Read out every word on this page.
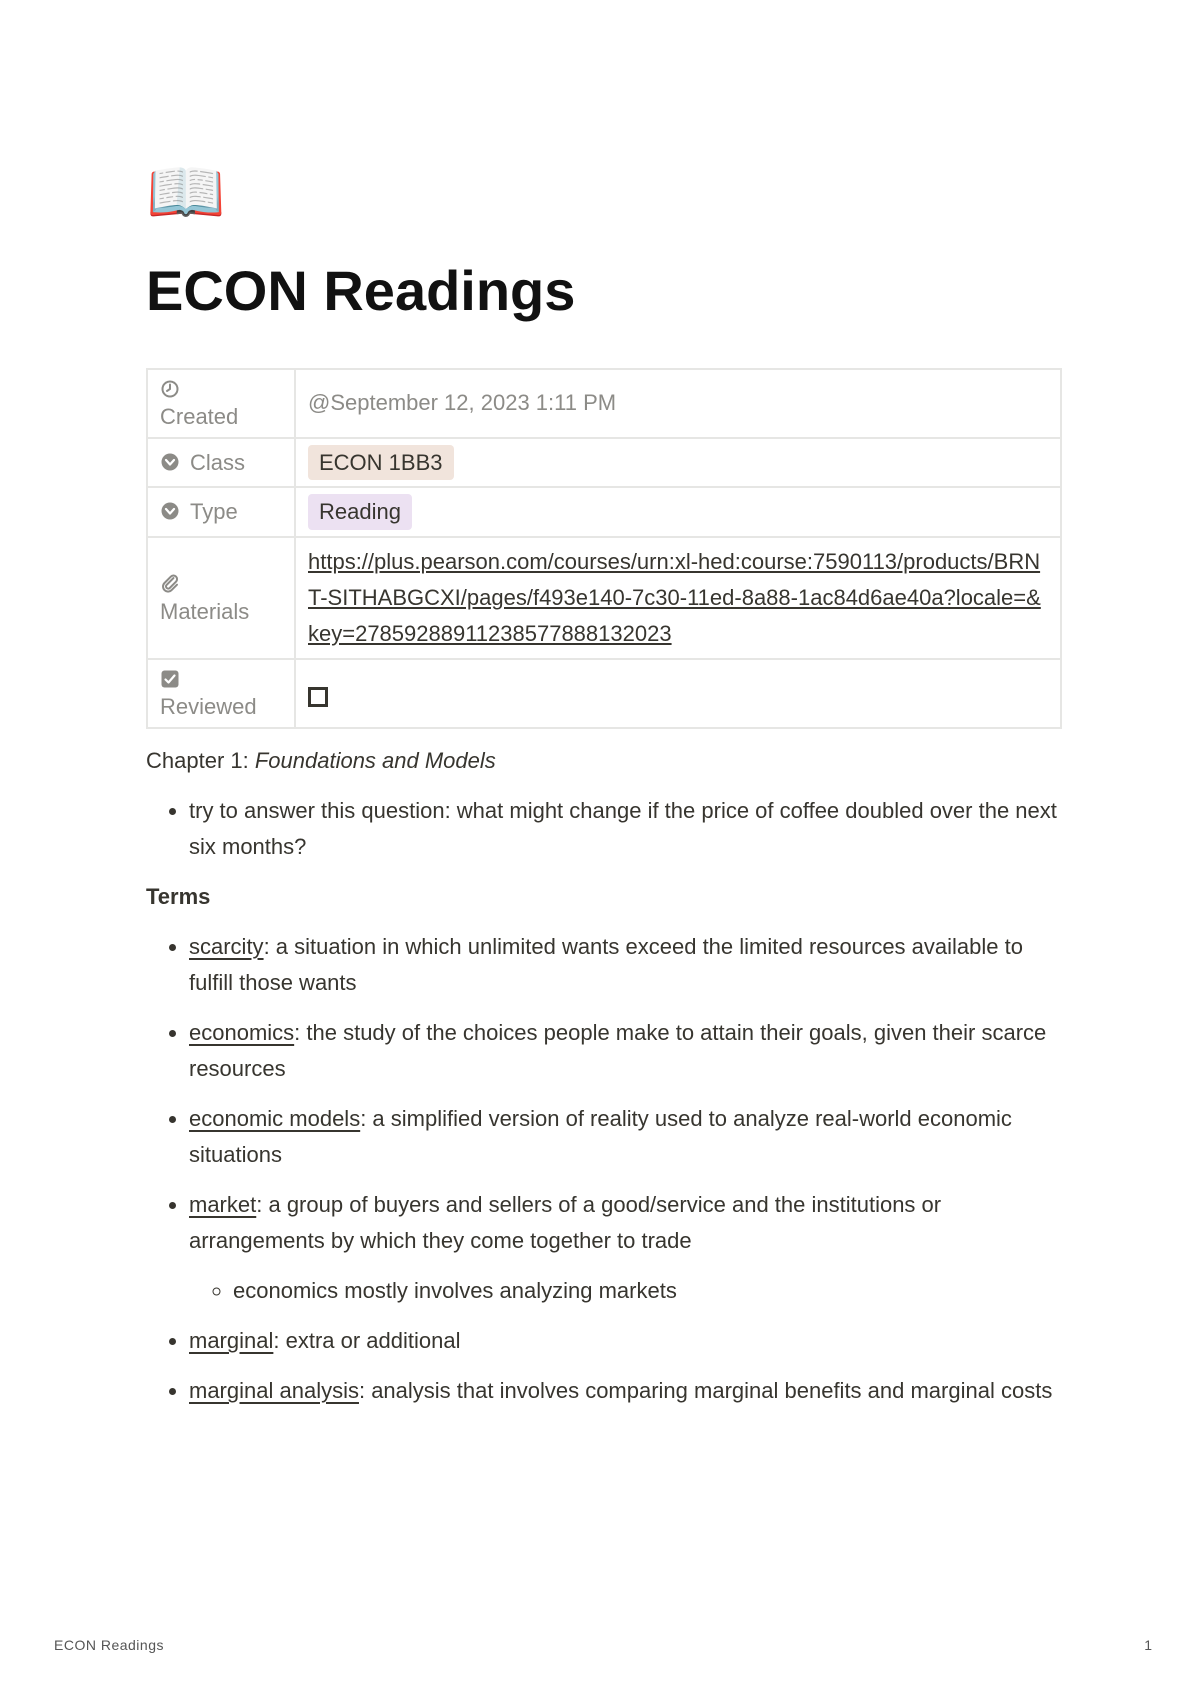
📖
ECON Readings

Created	@September 12, 2023 1:11 PM

Class	ECON 1BB3

Type	Reading

Materials	https://plus.pearson.com/courses/urn:xl-hed:course:7590113/products/BRNT-SITHABGCXI/pages/f493e140-7c30-11ed-8a88-1ac84d6ae40a?locale=&key=278592889112385778881320​23

Reviewed	
Chapter 1: Foundations and Models
• try to answer this question: what might change if the price of coffee doubled over the next six months?
Terms
• scarcity: a situation in which unlimited wants exceed the limited resources available to fulfill those wants
• economics: the study of the choices people make to attain their goals, given their scarce resources
• economic models: a simplified version of reality used to analyze real-world economic situations
• market: a group of buyers and sellers of a good/service and the institutions or arrangements by which they come together to trade
◦ economics mostly involves analyzing markets
• marginal: extra or additional
• marginal analysis: analysis that involves comparing marginal benefits and marginal costs
ECON Readings	1
